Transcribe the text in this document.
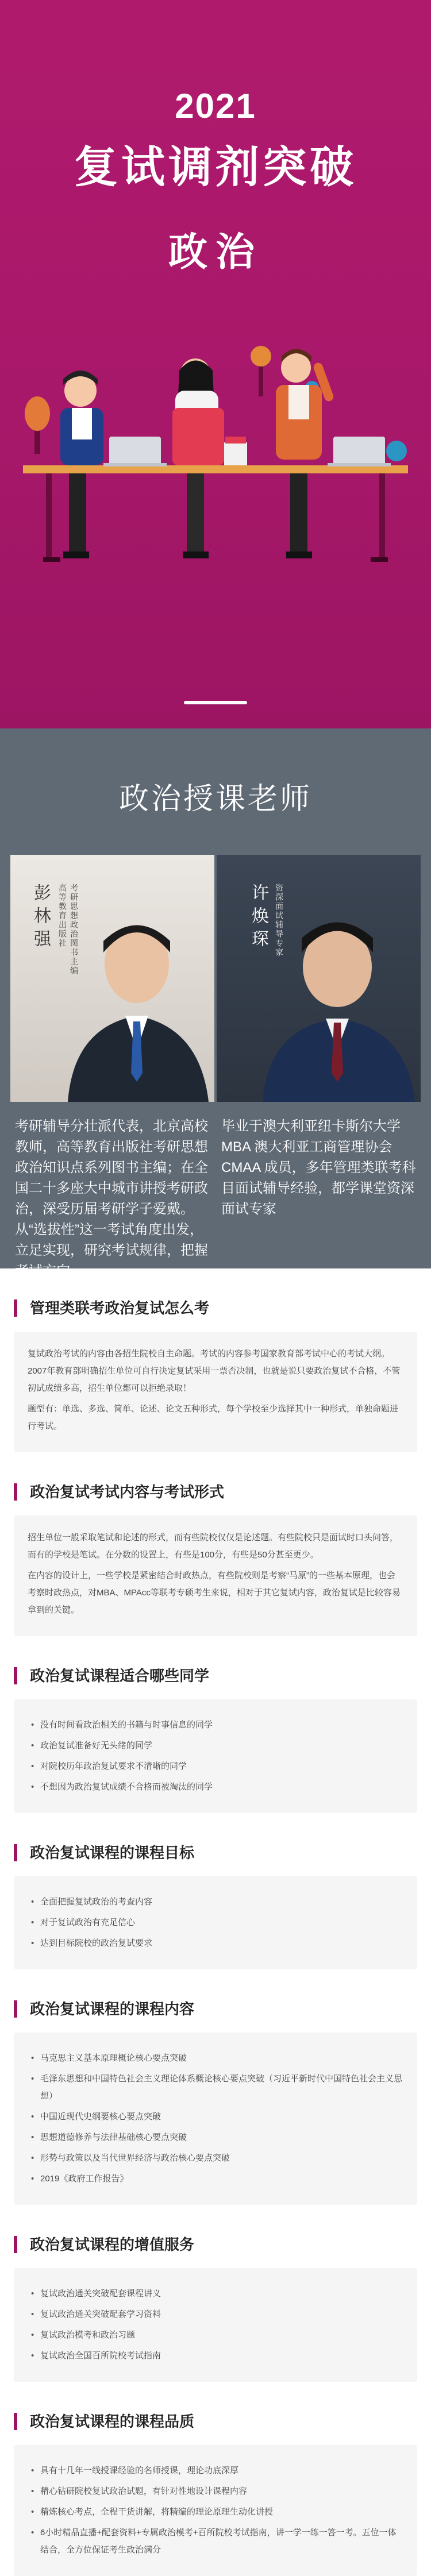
2021
复试调剂突破
政治
政治授课老师
彭林强	高等教育出版社 考研思想政治图书主编
考研辅导分壮派代表，北京高校教师，高等教育出版社考研思想政治知识点系列图书主编；在全国二十多座大中城市讲授考研政治，深受历届考研学子爱戴。从“选拔性”这一考试角度出发，立足实现，研究考试规律，把握考试方向。
许焕琛 资深面试辅导专家
毕业于澳大利亚纽卡斯尔大学MBA 澳大利亚工商管理协会CMAA 成员，多年管理类联考科目面试辅导经验，都学课堂资深面试专家
管理类联考政治复试怎么考

复试政治考试的内容由各招生院校自主命题。考试的内容参考国家教育部考试中心的考试大纲。2007年教育部明确招生单位可自行决定复试采用一票否决制，也就是说只要政治复试不合格，不管初试成绩多高，招生单位都可以拒绝录取！

题型有：单选、多选、简单、论述、论文五种形式，每个学校至少选择其中一种形式，单独命题进行考试。

政治复试考试内容与考试形式

招生单位一般采取笔试和论述的形式，而有些院校仅仅是论述题。有些院校只是面试时口头问答，而有的学校是笔试。在分数的设置上，有些是100分，有些是50分甚至更少。

在内容的设计上，一些学校是紧密结合时政热点，有些院校则是考察“马原”的一些基本原理，也会考察时政热点，对MBA、MPAcc等联考专硕考生来说，相对于其它复试内容，政治复试是比较容易拿到的关键。

政治复试课程适合哪些同学
• 没有时间看政治相关的书籍与时事信息的同学
• 政治复试准备好无头绪的同学
• 对院校历年政治复试要求不清晰的同学
• 不想因为政治复试成绩不合格而被淘汰的同学
政治复试课程的课程目标
• 全面把握复试政治的考查内容
• 对于复试政治有充足信心
• 达到目标院校的政治复试要求
政治复试课程的课程内容
• 马克思主义基本原理概论核心要点突破
• 毛泽东思想和中国特色社会主义理论体系概论核心要点突破（习近平新时代中国特色社会主义思想）
• 中国近现代史纲要核心要点突破
• 思想道德修养与法律基础核心要点突破
• 形势与政策以及当代世界经济与政治核心要点突破
• 2019《政府工作报告》
政治复试课程的增值服务
• 复试政治通关突破配套课程讲义
• 复试政治通关突破配套学习资料
• 复试政治模考和政治习题
• 复试政治全国百所院校考试指南
政治复试课程的课程品质
• 具有十几年一线授课经验的名师授课，理论功底深厚
• 精心钻研院校复试政治试题，有针对性地设计课程内容
• 精炼核心考点，全程干货讲解，将精编的理论原理生动化讲授
• 6小时精品直播+配套资料+专属政治模考+百所院校考试指南，讲一学一练一答一考。五位一体结合，全方位保证考生政治满分
